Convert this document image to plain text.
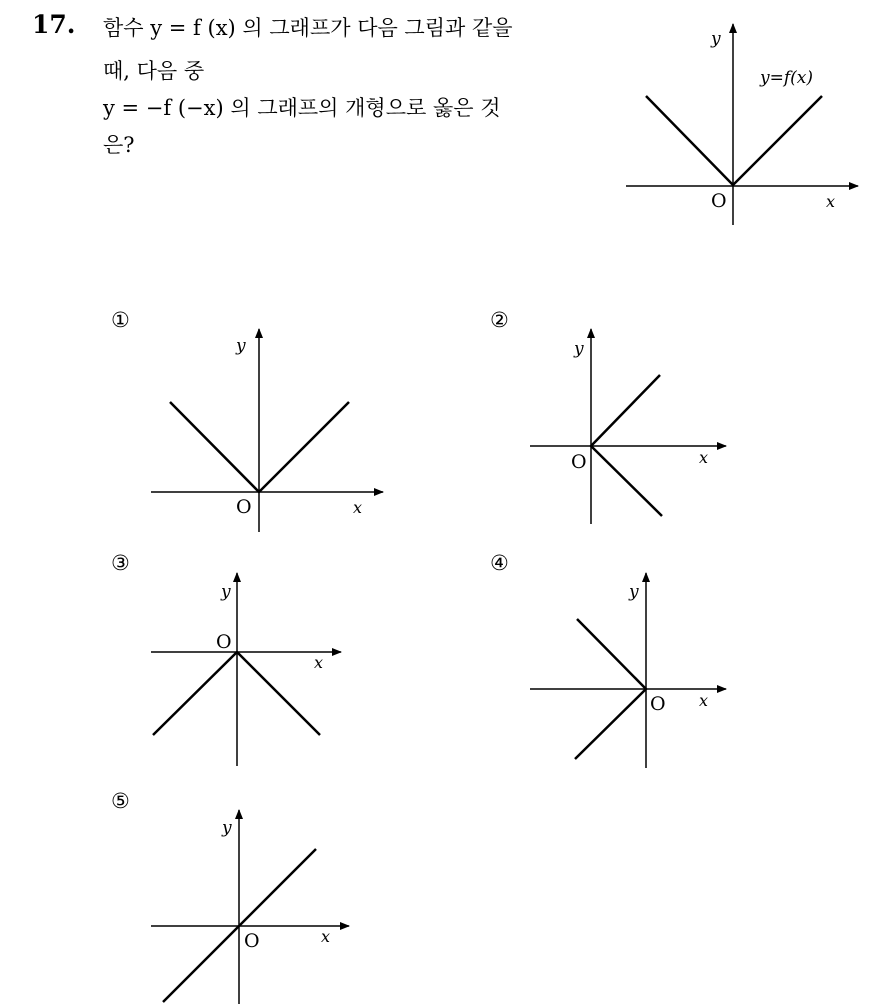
17. 함수 y = f (x) 의 그래프가 다음 그림과 같을
때, 다음 중
y = −f (−x) 의 그래프의 개형으로 옳은 것
은?
y=f(x)
y
x
O
①
y
x
O
②
y
x
O
③
y
x
O
④
y
x
O
⑤
y
x
O
